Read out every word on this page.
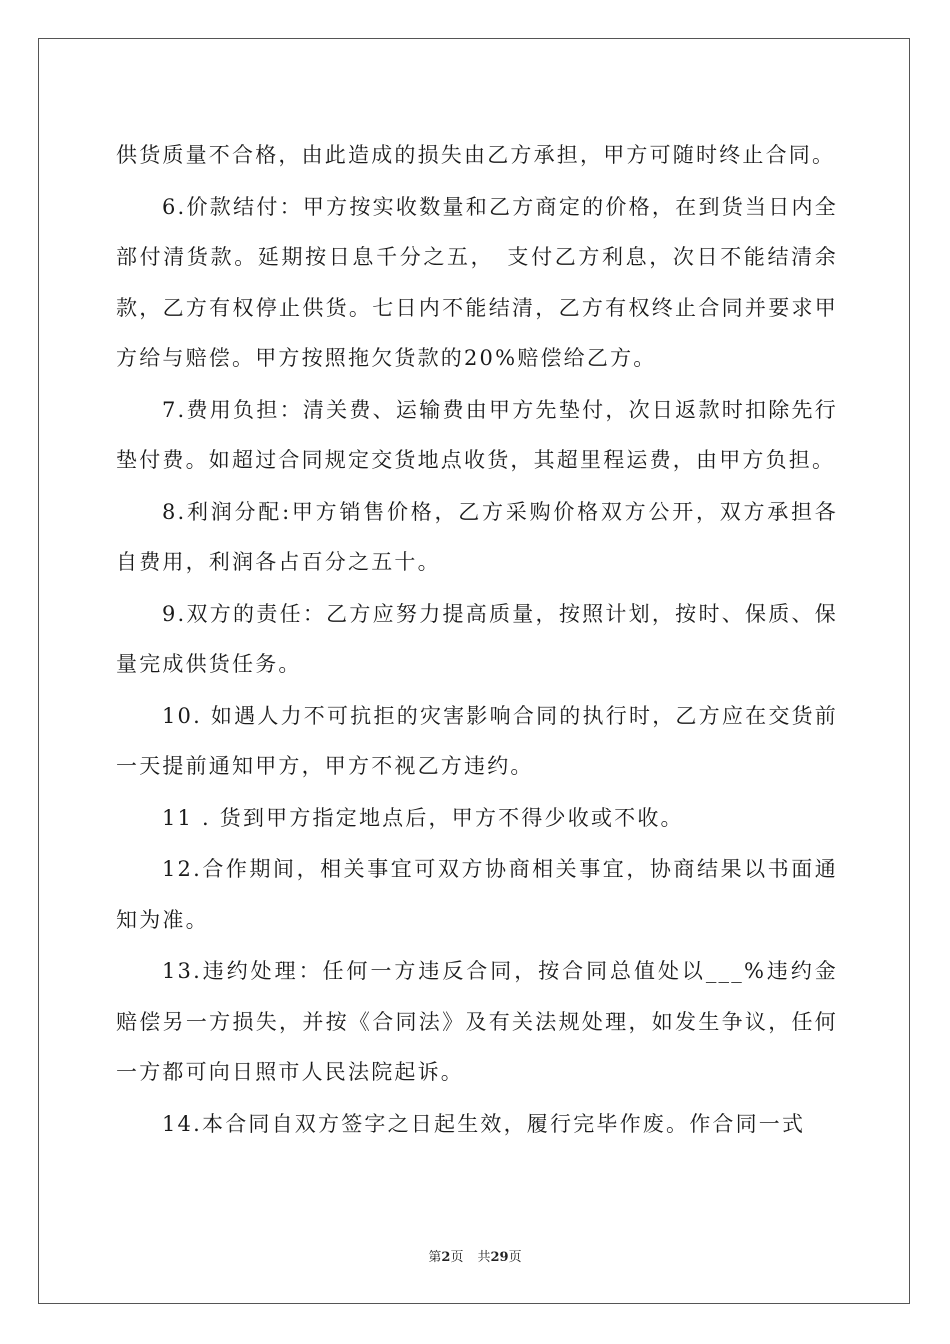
供货质量不合格，由此造成的损失由乙方承担，甲方可随时终止合同。

6.价款结付：甲方按实收数量和乙方商定的价格，在到货当日内全部付清货款。延期按日息千分之五，　支付乙方利息，次日不能结清余款，乙方有权停止供货。七日内不能结清，乙方有权终止合同并要求甲方给与赔偿。甲方按照拖欠货款的20%赔偿给乙方。

7.费用负担：清关费、运输费由甲方先垫付，次日返款时扣除先行垫付费。如超过合同规定交货地点收货，其超里程运费，由甲方负担。

8.利润分配:甲方销售价格，乙方采购价格双方公开，双方承担各自费用，利润各占百分之五十。

9.双方的责任：乙方应努力提高质量，按照计划，按时、保质、保量完成供货任务。

10. 如遇人力不可抗拒的灾害影响合同的执行时，乙方应在交货前一天提前通知甲方，甲方不视乙方违约。

11 . 货到甲方指定地点后，甲方不得少收或不收。

12.合作期间，相关事宜可双方协商相关事宜，协商结果以书面通知为准。

13.违约处理：任何一方违反合同，按合同总值处以___%违约金赔偿另一方损失，并按《合同法》及有关法规处理，如发生争议，任何一方都可向日照市人民法院起诉。

14.本合同自双方签字之日起生效，履行完毕作废。作合同一式

第2页 共29页
